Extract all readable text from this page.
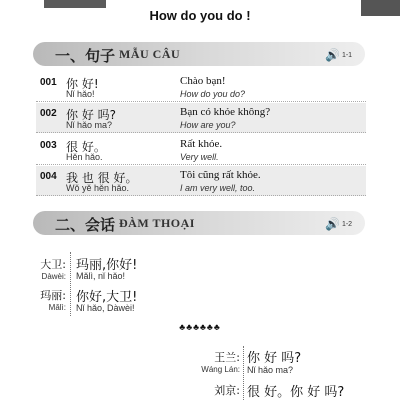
How do you do !
一、句子 MẪU CÂU	🔊 1-1
001 你 好!
Nǐ hǎo!
Chào bạn!
How do you do?
002 你 好 吗?
Nǐ hǎo ma?
Bạn có khỏe không?
How are you?
003 很 好。
Hěn hǎo.
Rất khỏe.
Very well.
004 我 也 很 好。
Wǒ yě hěn hǎo.
Tôi cũng rất khỏe.
I am very well, too.
二、会话 ĐÀM THOẠI	🔊 1-2
大卫:
Dàwèi:
玛丽,你好!
Mǎlì, nǐ hǎo!
玛丽:
Mǎlì:
你好,大卫!
Nǐ hǎo, Dàwèi!
♣♣♣♣♣♣
王兰:
Wáng Lán:
你 好 吗?
Nǐ hǎo ma?
刘京: 很 好。你 好 吗?
